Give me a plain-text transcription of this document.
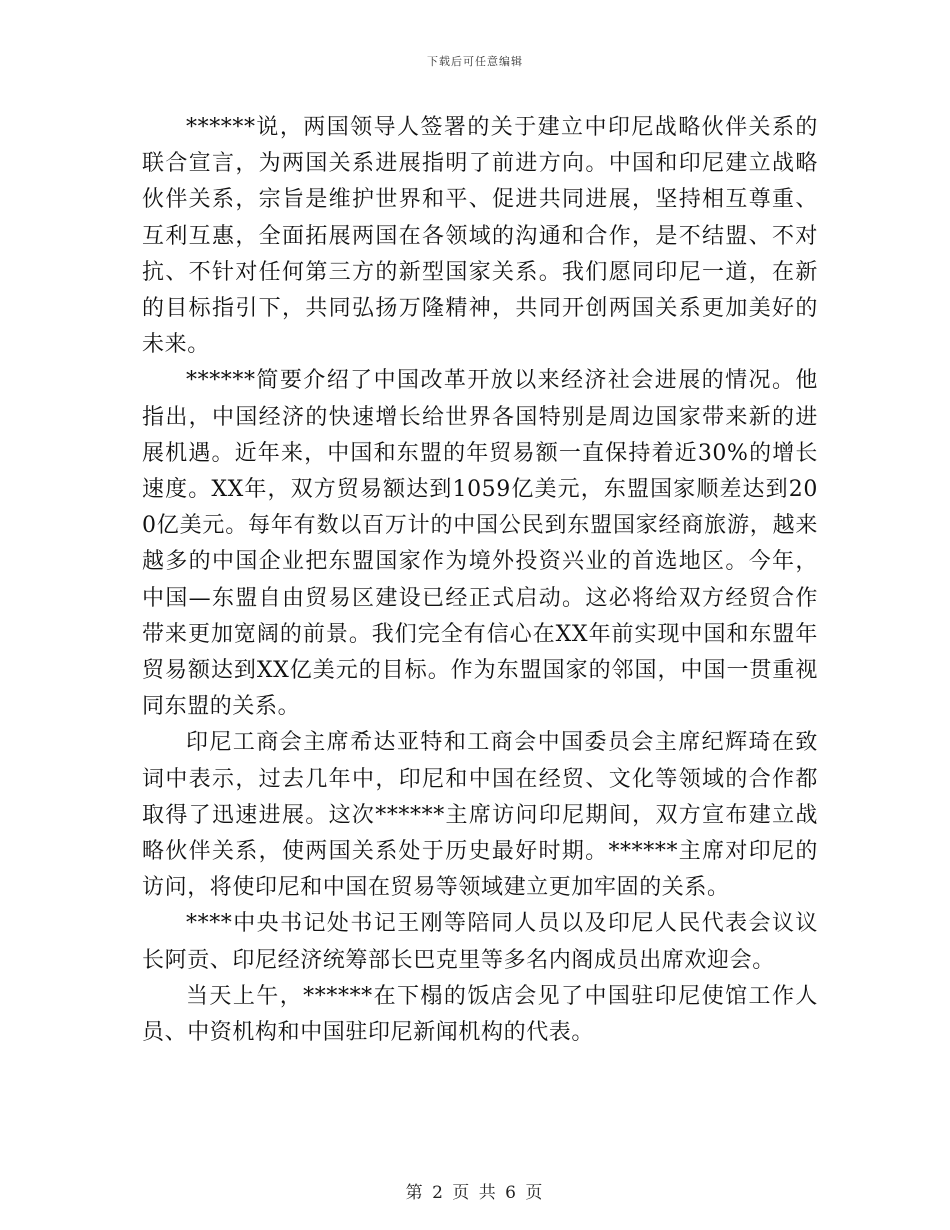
下载后可任意编辑

******说，两国领导人签署的关于建立中印尼战略伙伴关系的联合宣言，为两国关系进展指明了前进方向。中国和印尼建立战略伙伴关系，宗旨是维护世界和平、促进共同进展，坚持相互尊重、互利互惠，全面拓展两国在各领域的沟通和合作，是不结盟、不对抗、不针对任何第三方的新型国家关系。我们愿同印尼一道，在新的目标指引下，共同弘扬万隆精神，共同开创两国关系更加美好的未来。

******简要介绍了中国改革开放以来经济社会进展的情况。他指出，中国经济的快速增长给世界各国特别是周边国家带来新的进展机遇。近年来，中国和东盟的年贸易额一直保持着近30%的增长速度。XX年，双方贸易额达到1059亿美元，东盟国家顺差达到200亿美元。每年有数以百万计的中国公民到东盟国家经商旅游，越来越多的中国企业把东盟国家作为境外投资兴业的首选地区。今年，中国—东盟自由贸易区建设已经正式启动。这必将给双方经贸合作带来更加宽阔的前景。我们完全有信心在XX年前实现中国和东盟年贸易额达到XX亿美元的目标。作为东盟国家的邻国，中国一贯重视同东盟的关系。

印尼工商会主席希达亚特和工商会中国委员会主席纪辉琦在致词中表示，过去几年中，印尼和中国在经贸、文化等领域的合作都取得了迅速进展。这次******主席访问印尼期间，双方宣布建立战略伙伴关系，使两国关系处于历史最好时期。******主席对印尼的访问，将使印尼和中国在贸易等领域建立更加牢固的关系。

****中央书记处书记王刚等陪同人员以及印尼人民代表会议议长阿贡、印尼经济统筹部长巴克里等多名内阁成员出席欢迎会。

当天上午，******在下榻的饭店会见了中国驻印尼使馆工作人员、中资机构和中国驻印尼新闻机构的代表。

第 2 页 共 6 页
